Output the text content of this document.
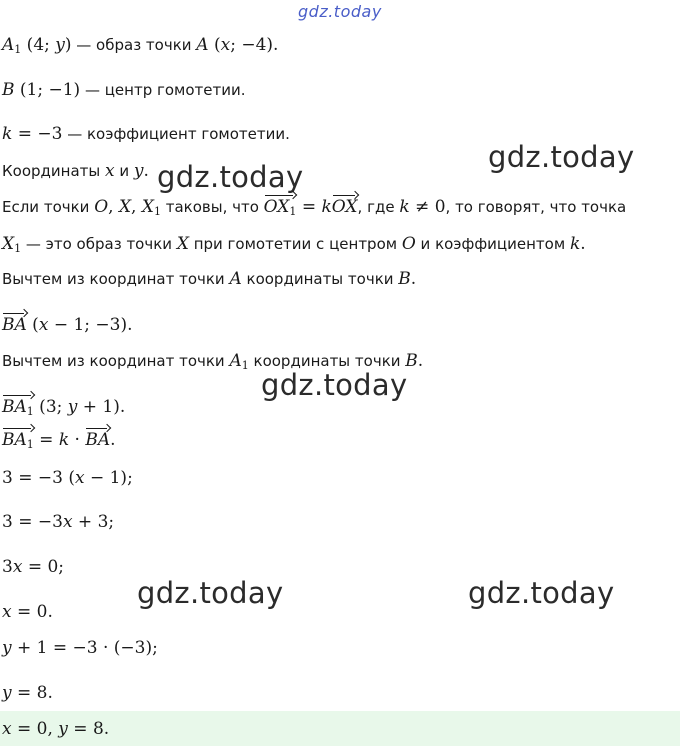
gdz.today
gdz.today
gdz.today
gdz.today
gdz.today	gdz.today
$A_1$ (4; y) — образ точки A (x; −4).
B (1; −1) — центр гомотетии.
k = −3 — коэффициент гомотетии.
Координаты x и y.
Если точки O, X, $X_1$ таковы, что $OX_1$ = kOX, где k ≠ 0, то говорят, что точка
$X_1$ — это образ точки X при гомотетии с центром O и коэффициентом k.
Вычтем из координат точки A координаты точки B.
BA (x − 1; −3).
Вычтем из координат точки $A_1$ координаты точки B.
$BA_1$ (3; y + 1).
$BA_1 = k$ · BA.
3 = −3 (x − 1);
3 = −3x + 3;
3x = 0;
x = 0.
y + 1 = −3 · (−3);
y = 8.
x = 0, y = 8.
